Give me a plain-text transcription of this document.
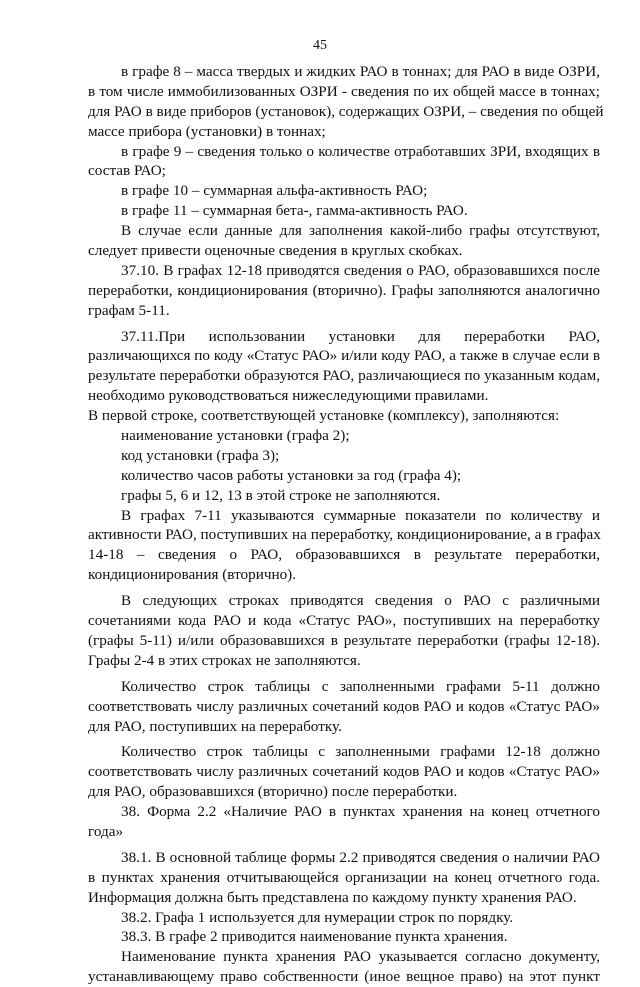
45
в графе 8 – масса твердых и жидких РАО в тоннах; для РАО в виде ОЗРИ,
в том числе иммобилизованных ОЗРИ - сведения по их общей массе в тоннах;
для РАО в виде приборов (установок), содержащих ОЗРИ, – сведения по общей
массе прибора (установки) в тоннах;
в графе 9 – сведения только о количестве отработавших ЗРИ, входящих в
состав РАО;
в графе 10 – суммарная альфа-активность РАО;
в графе 11 – суммарная бета-, гамма-активность РАО.
В случае если данные для заполнения какой-либо графы отсутствуют,
следует привести оценочные сведения в круглых скобках.
37.10. В графах 12-18 приводятся сведения о РАО, образовавшихся после
переработки, кондиционирования (вторично). Графы заполняются аналогично
графам 5-11.
37.11.При использовании установки для переработки РАО,
различающихся по коду «Статус РАО» и/или коду РАО, а также в случае если в
результате переработки образуются РАО, различающиеся по указанным кодам,
необходимо руководствоваться нижеследующими правилами.
В первой строке, соответствующей установке (комплексу), заполняются:
наименование установки (графа 2);
код установки (графа 3);
количество часов работы установки за год (графа 4);
графы 5, 6 и 12, 13 в этой строке не заполняются.
В графах 7-11 указываются суммарные показатели по количеству и
активности РАО, поступивших на переработку, кондиционирование, а в графах
14-18 – сведения о РАО, образовавшихся в результате переработки,
кондиционирования (вторично).
В следующих строках приводятся сведения о РАО с различными
сочетаниями кода РАО и кода «Статус РАО», поступивших на переработку
(графы 5-11) и/или образовавшихся в результате переработки (графы 12-18).
Графы 2-4 в этих строках не заполняются.
Количество строк таблицы с заполненными графами 5-11 должно
соответствовать числу различных сочетаний кодов РАО и кодов «Статус РАО»
для РАО, поступивших на переработку.
Количество строк таблицы с заполненными графами 12-18 должно
соответствовать числу различных сочетаний кодов РАО и кодов «Статус РАО»
для РАО, образовавшихся (вторично) после переработки.
38. Форма 2.2 «Наличие РАО в пунктах хранения на конец отчетного
года»
38.1. В основной таблице формы 2.2 приводятся сведения о наличии РАО
в пунктах хранения отчитывающейся организации на конец отчетного года.
Информация должна быть представлена по каждому пункту хранения РАО.
38.2. Графа 1 используется для нумерации строк по порядку.
38.3. В графе 2 приводится наименование пункта хранения.
Наименование пункта хранения РАО указывается согласно документу,
устанавливающему право собственности (иное вещное право) на этот пункт
